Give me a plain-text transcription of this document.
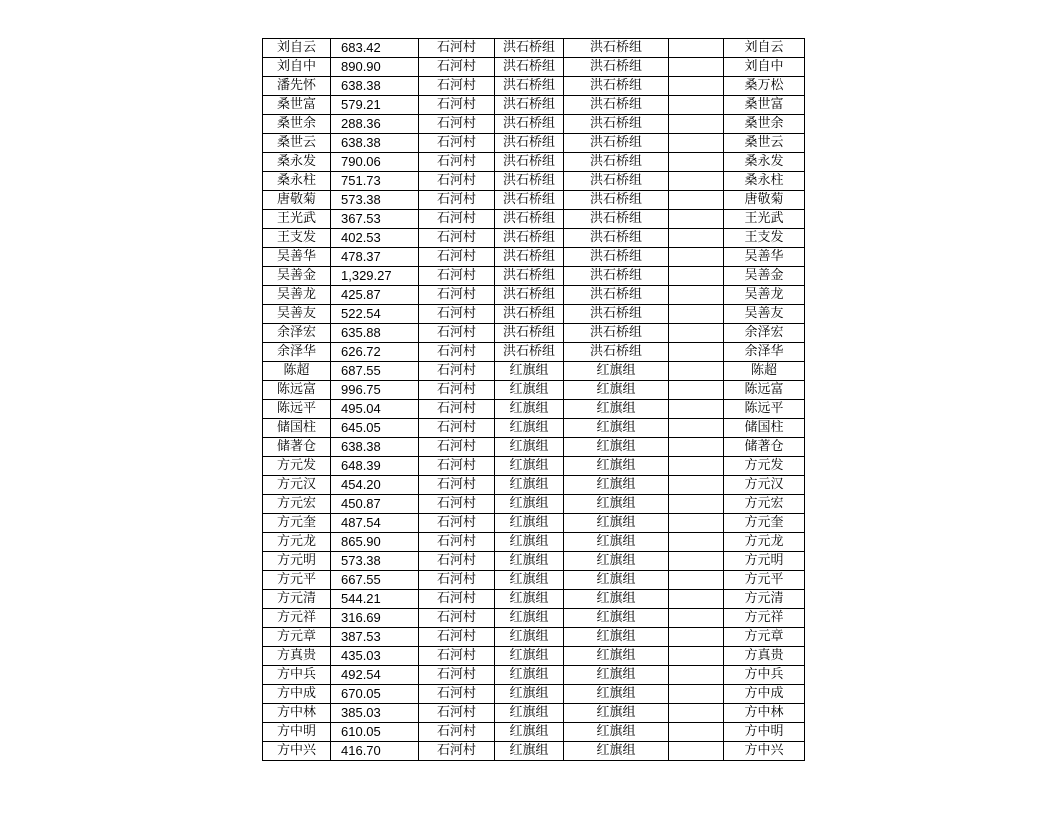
刘自云	683.42	石河村	洪石桥组	洪石桥组		刘自云
刘自中	890.90	石河村	洪石桥组	洪石桥组		刘自中
潘先怀	638.38	石河村	洪石桥组	洪石桥组		桑万松
桑世富	579.21	石河村	洪石桥组	洪石桥组		桑世富
桑世余	288.36	石河村	洪石桥组	洪石桥组		桑世余
桑世云	638.38	石河村	洪石桥组	洪石桥组		桑世云
桑永发	790.06	石河村	洪石桥组	洪石桥组		桑永发
桑永柱	751.73	石河村	洪石桥组	洪石桥组		桑永柱
唐敬菊	573.38	石河村	洪石桥组	洪石桥组		唐敬菊
王光武	367.53	石河村	洪石桥组	洪石桥组		王光武
王支发	402.53	石河村	洪石桥组	洪石桥组		王支发
吴善华	478.37	石河村	洪石桥组	洪石桥组		吴善华
吴善金	1,329.27	石河村	洪石桥组	洪石桥组		吴善金
吴善龙	425.87	石河村	洪石桥组	洪石桥组		吴善龙
吴善友	522.54	石河村	洪石桥组	洪石桥组		吴善友
余泽宏	635.88	石河村	洪石桥组	洪石桥组		余泽宏
余泽华	626.72	石河村	洪石桥组	洪石桥组		余泽华
陈超	687.55	石河村	红旗组	红旗组		陈超
陈远富	996.75	石河村	红旗组	红旗组		陈远富
陈远平	495.04	石河村	红旗组	红旗组		陈远平
储国柱	645.05	石河村	红旗组	红旗组		储国柱
储著仓	638.38	石河村	红旗组	红旗组		储著仓
方元发	648.39	石河村	红旗组	红旗组		方元发
方元汉	454.20	石河村	红旗组	红旗组		方元汉
方元宏	450.87	石河村	红旗组	红旗组		方元宏
方元奎	487.54	石河村	红旗组	红旗组		方元奎
方元龙	865.90	石河村	红旗组	红旗组		方元龙
方元明	573.38	石河村	红旗组	红旗组		方元明
方元平	667.55	石河村	红旗组	红旗组		方元平
方元清	544.21	石河村	红旗组	红旗组		方元清
方元祥	316.69	石河村	红旗组	红旗组		方元祥
方元章	387.53	石河村	红旗组	红旗组		方元章
方真贵	435.03	石河村	红旗组	红旗组		方真贵
方中兵	492.54	石河村	红旗组	红旗组		方中兵
方中成	670.05	石河村	红旗组	红旗组		方中成
方中林	385.03	石河村	红旗组	红旗组		方中林
方中明	610.05	石河村	红旗组	红旗组		方中明
方中兴	416.70	石河村	红旗组	红旗组		方中兴
